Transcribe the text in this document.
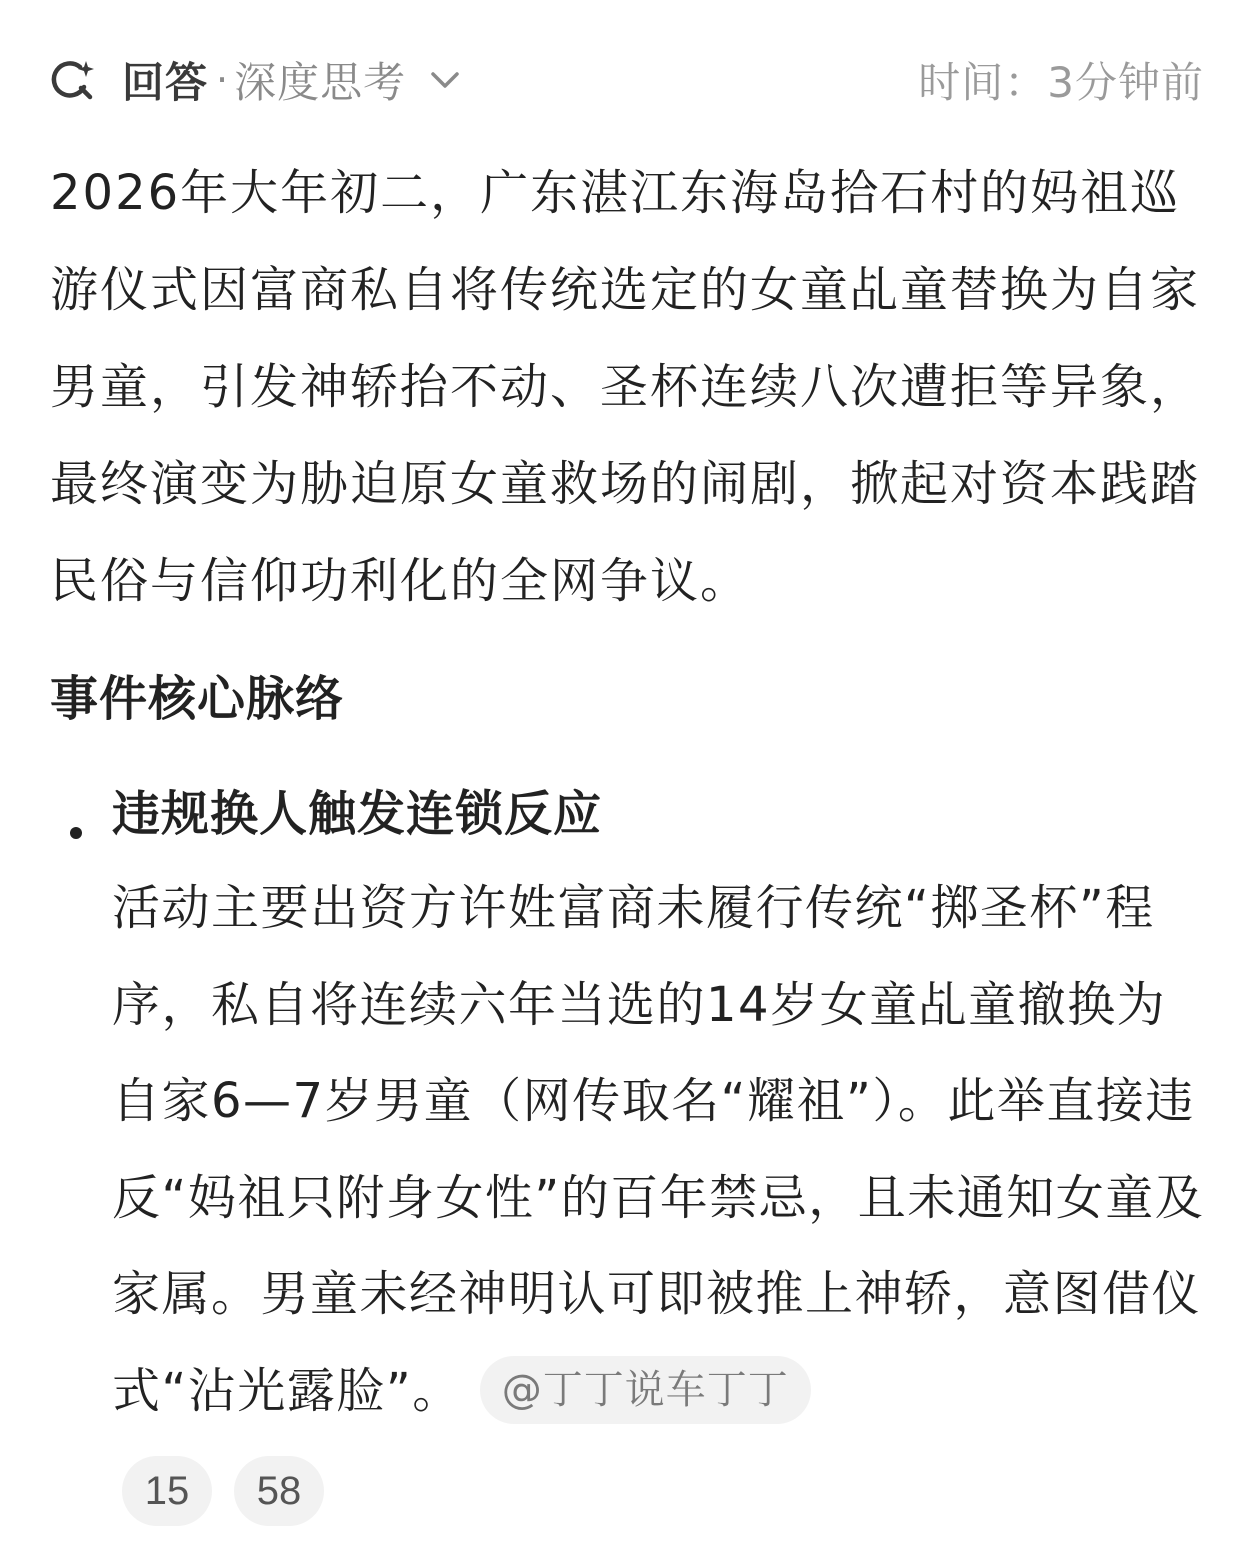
回答 · 深度思考	时间：3分钟前

2026年大年初二，广东湛江东海岛拾石村的妈祖巡游仪式因富商私自将传统选定的女童乩童替换为自家男童，引发神轿抬不动、圣杯连续八次遭拒等异象，最终演变为胁迫原女童救场的闹剧，掀起对资本践踏民俗与信仰功利化的全网争议。

事件核心脉络
违规换人触发连锁反应

活动主要出资方许姓富商未履行传统“掷圣杯”程序，私自将连续六年当选的14岁女童乩童撤换为自家6—7岁男童（网传取名“耀祖”）。此举直接违反“妈祖只附身女性”的百年禁忌，且未通知女童及家属。男童未经神明认可即被推上神轿，意图借仪式“沾光露脸”。 @丁丁说车丁丁

15	58
